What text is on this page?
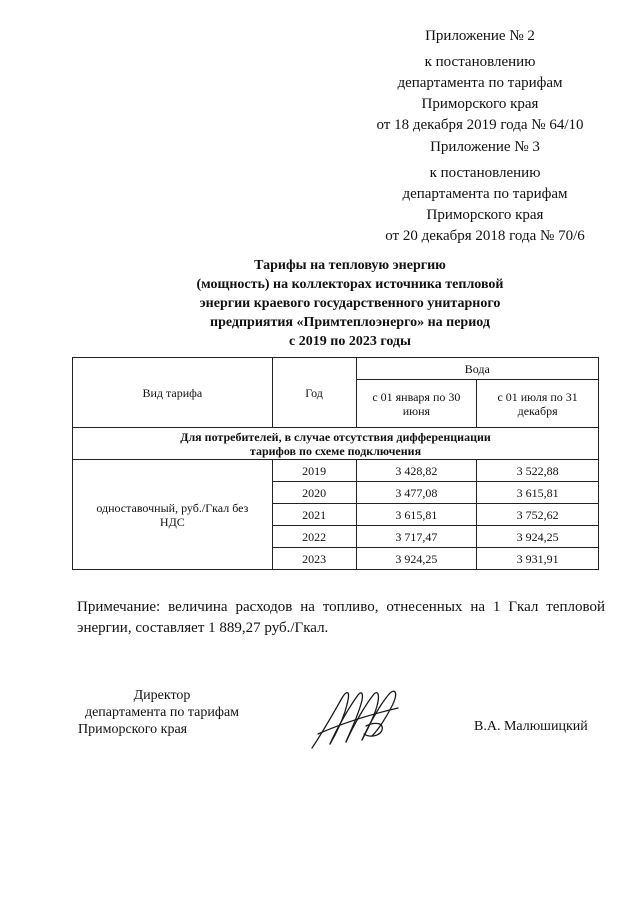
Приложение № 2
к постановлению
департамента по тарифам
Приморского края
от 18 декабря 2019 года № 64/10
Приложение № 3
к постановлению
департамента по тарифам
Приморского края
от 20 декабря 2018 года № 70/6
Тарифы на тепловую энергию
(мощность) на коллекторах источника тепловой
энергии краевого государственного унитарного
предприятия «Примтеплоэнерго» на период
с 2019 по 2023 годы
Вид тарифа	Год	Вода	
		с 01 января по 30 июня	с 01 июля по 31 декабря
Для потребителей, в случае отсутствия дифференциации тарифов по схеме подключения			
одноставочный, руб./Гкал без НДС	2019	3 428,82	3 522,88
	2020	3 477,08	3 615,81
	2021	3 615,81	3 752,62
	2022	3 717,47	3 924,25
	2023	3 924,25	3 931,91
Примечание: величина расходов на топливо, отнесенных на 1 Гкал тепловой энергии, составляет 1 889,27 руб./Гкал.
Директор
департамента по тарифам
Приморского края	В.А. Малюшицкий
